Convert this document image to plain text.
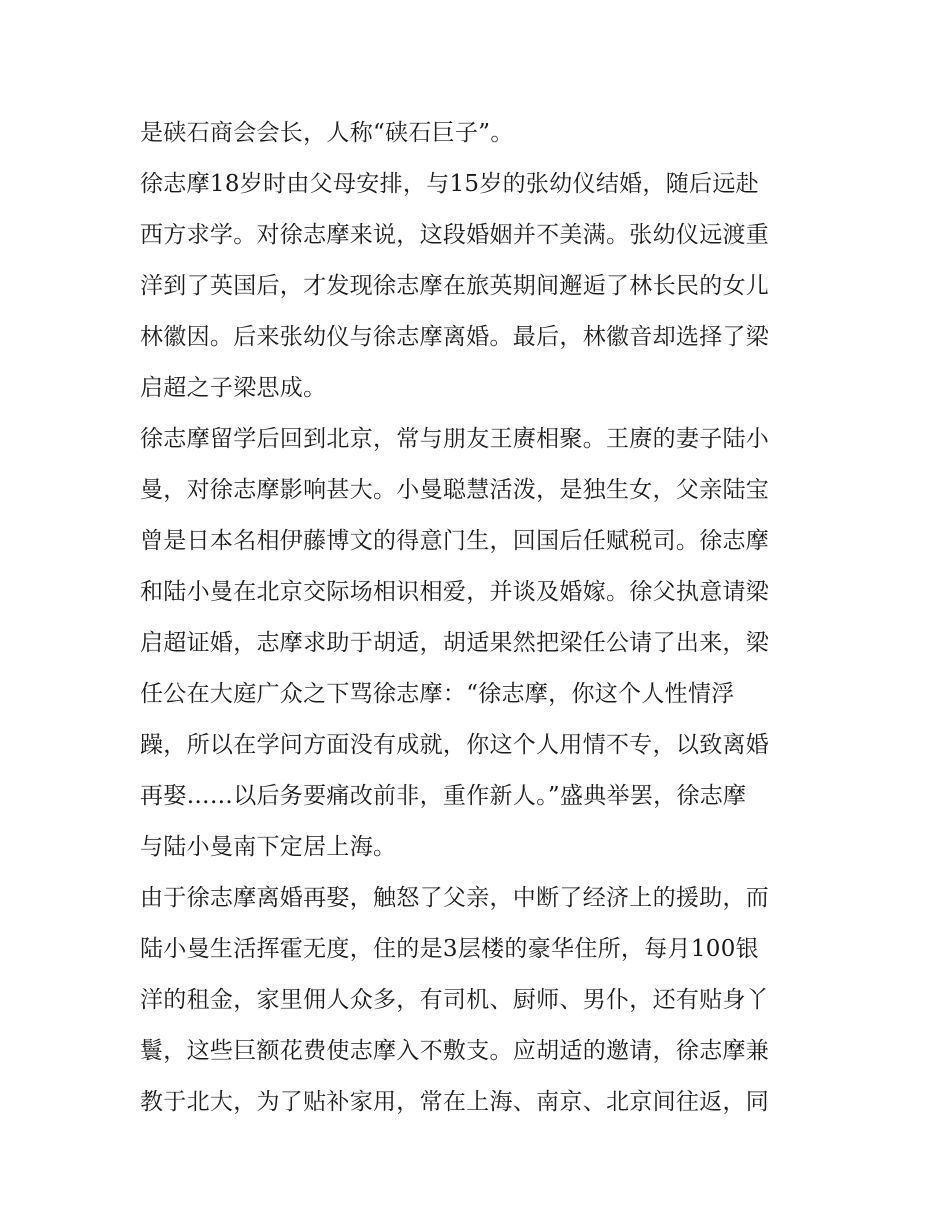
是硖石商会会长，人称“硖石巨子”。
徐志摩18岁时由父母安排，与15岁的张幼仪结婚，随后远赴
西方求学。对徐志摩来说，这段婚姻并不美满。张幼仪远渡重
洋到了英国后，才发现徐志摩在旅英期间邂逅了林长民的女儿
林徽因。后来张幼仪与徐志摩离婚。最后，林徽音却选择了梁
启超之子梁思成。
徐志摩留学后回到北京，常与朋友王赓相聚。王赓的妻子陆小
曼，对徐志摩影响甚大。小曼聪慧活泼，是独生女，父亲陆宝
曾是日本名相伊藤博文的得意门生，回国后任赋税司。徐志摩
和陆小曼在北京交际场相识相爱，并谈及婚嫁。徐父执意请梁
启超证婚，志摩求助于胡适，胡适果然把梁任公请了出来，梁
任公在大庭广众之下骂徐志摩：“徐志摩，你这个人性情浮
躁，所以在学问方面没有成就，你这个人用情不专，以致离婚
再娶……以后务要痛改前非，重作新人。”盛典举罢，徐志摩
与陆小曼南下定居上海。
由于徐志摩离婚再娶，触怒了父亲，中断了经济上的援助，而
陆小曼生活挥霍无度，住的是3层楼的豪华住所，每月100银
洋的租金，家里佣人众多，有司机、厨师、男仆，还有贴身丫
鬟，这些巨额花费使志摩入不敷支。应胡适的邀请，徐志摩兼
教于北大，为了贴补家用，常在上海、南京、北京间往返，同
